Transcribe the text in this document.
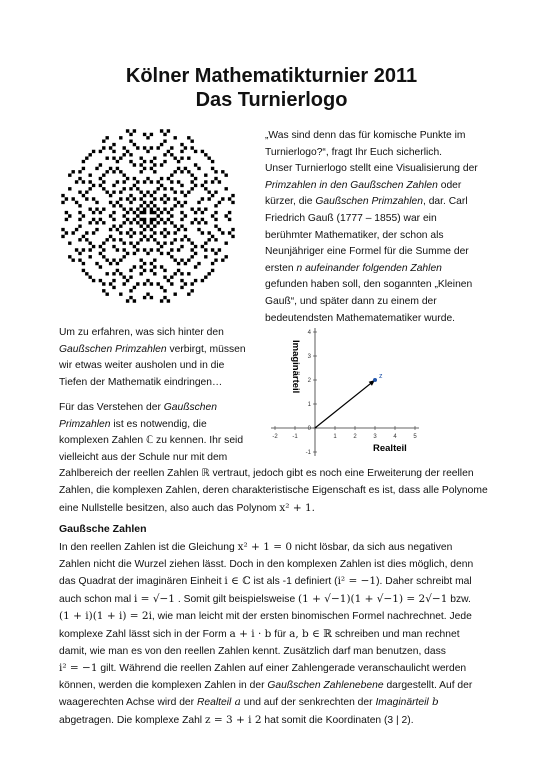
Kölner Mathematikturnier 2011
Das Turnierlogo

„Was sind denn das für komische Punkte im
Turnierlogo?“, fragt Ihr Euch sicherlich.
Unser Turnierlogo stellt eine Visualisierung der
Primzahlen in den Gaußschen Zahlen oder
kürzer, die Gaußschen Primzahlen, dar. Carl
Friedrich Gauß (1777 – 1855) war ein
berühmter Mathematiker, der schon als
Neunjähriger eine Formel für die Summe der
ersten n aufeinander folgenden Zahlen
gefunden haben soll, den sogannten „Kleinen
Gauß“, und später dann zu einem der
bedeutendsten Mathematematiker wurde.

Um zu erfahren, was sich hinter den
Gaußschen Primzahlen verbirgt, müssen
wir etwas weiter ausholen und in die
Tiefen der Mathematik eindringen…

Für das Verstehen der Gaußschen
Primzahlen ist es notwendig, die
komplexen Zahlen ℂ zu kennen. Ihr seid
vielleicht aus der Schule nur mit dem
Zahlbereich der reellen Zahlen ℝ vertraut, jedoch gibt es noch eine Erweiterung der reellen
Zahlen, die komplexen Zahlen, deren charakteristische Eigenschaft es ist, dass alle Polynome
eine Nullstelle besitzen, also auch das Polynom x² + 1.

-2 -1	1	2	3	4	5
-1
0
1
2
3
4
z
Realteil
Imaginärteil

Gaußsche Zahlen

In den reellen Zahlen ist die Gleichung x² + 1 = 0 nicht lösbar, da sich aus negativen
Zahlen nicht die Wurzel ziehen lässt. Doch in den komplexen Zahlen ist dies möglich, denn
das Quadrat der imaginären Einheit i ∈ ℂ ist als -1 definiert (i² = −1). Daher schreibt mal
auch schon mal i = √−1 . Somit gilt beispielsweise (1 + √−1)(1 + √−1) = 2√−1 bzw.
(1 + i)(1 + i) = 2i, wie man leicht mit der ersten binomischen Formel nachrechnet. Jede
komplexe Zahl lässt sich in der Form a + i · b für a, b ∈ ℝ schreiben und man rechnet
damit, wie man es von den reellen Zahlen kennt. Zusätzlich darf man benutzen, dass
i² = −1 gilt. Während die reellen Zahlen auf einer Zahlengerade veranschaulicht werden
können, werden die komplexen Zahlen in der Gaußschen Zahlenebene dargestellt. Auf der
waagerechten Achse wird der Realteil a und auf der senkrechten der Imaginärteil b
abgetragen. Die komplexe Zahl z = 3 + i 2 hat somit die Koordinaten (3 | 2).
